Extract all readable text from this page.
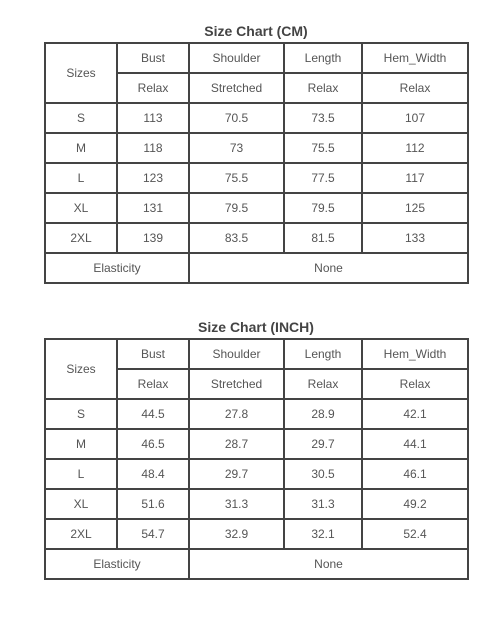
Size Chart (CM)
Sizes	Bust	Shoulder	Length	Hem_Width
	Relax	Stretched	Relax	Relax
S	113	70.5	73.5	107
M	118	73	75.5	112
L	123	75.5	77.5	117
XL	131	79.5	79.5	125
2XL	139	83.5	81.5	133
Elasticity		None		
Size Chart (INCH)
Sizes	Bust	Shoulder	Length	Hem_Width
	Relax	Stretched	Relax	Relax
S	44.5	27.8	28.9	42.1
M	46.5	28.7	29.7	44.1
L	48.4	29.7	30.5	46.1
XL	51.6	31.3	31.3	49.2
2XL	54.7	32.9	32.1	52.4
Elasticity		None		
